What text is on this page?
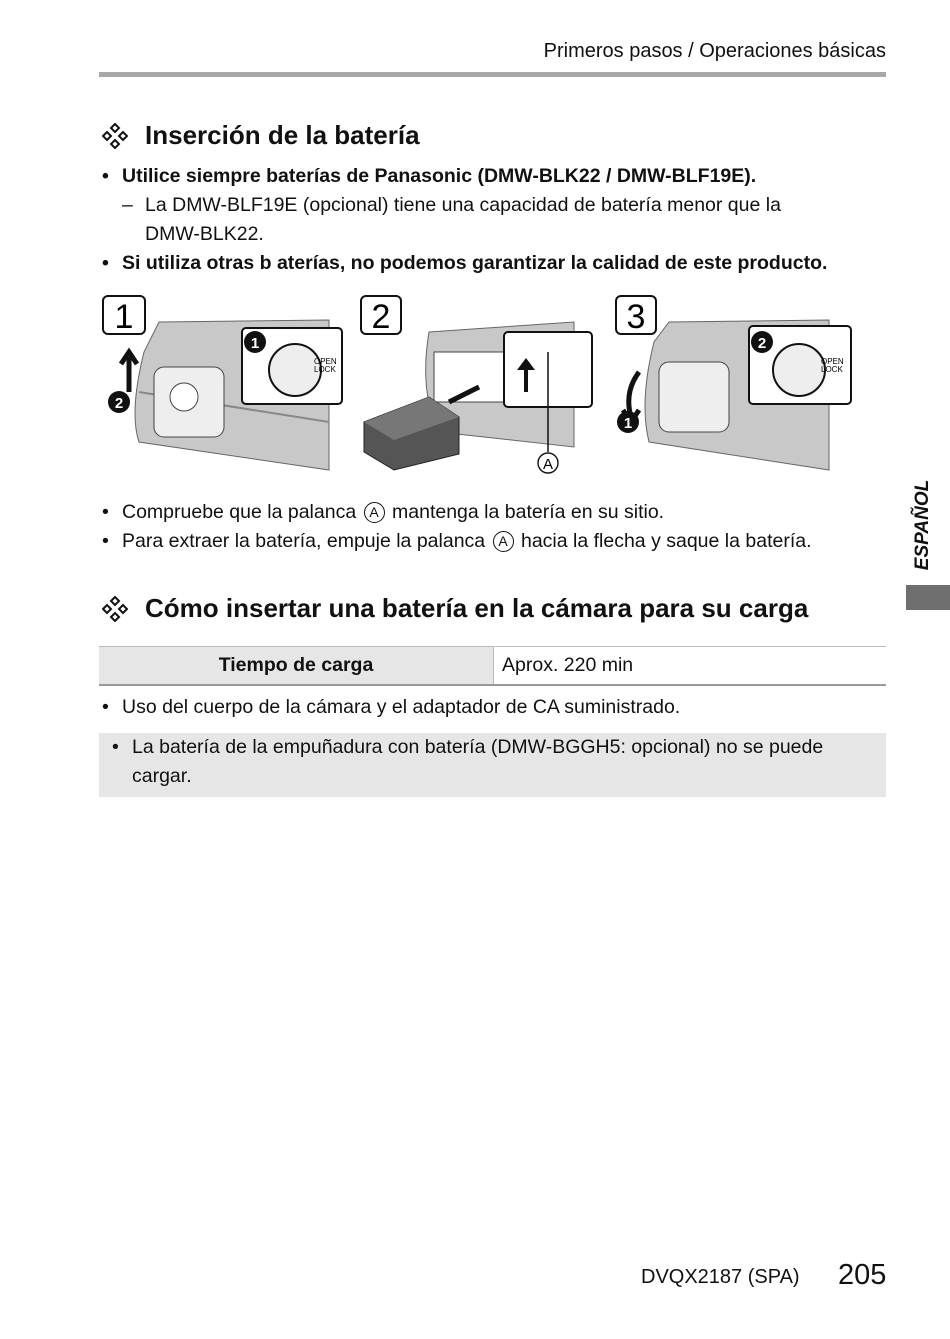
Primeros pasos / Operaciones básicas
Inserción de la batería
• Utilice siempre baterías de Panasonic (DMW-BLK22 / DMW-BLF19E).
– La DMW-BLF19E (opcional) tiene una capacidad de batería menor que la
DMW-BLK22.
• Si utiliza otras b aterías, no podemos garantizar la calidad de este producto.
1
LOCK
OPEN
1
2
2
A
3
LOCK
OPEN
2
1
• Compruebe que la palanca A mantenga la batería en su sitio.
• Para extraer la batería, empuje la palanca A hacia la flecha y saque la batería.	ESPAÑOL
Cómo insertar una batería en la cámara para su carga
Tiempo de carga	Aprox. 220 min
• Uso del cuerpo de la cámara y el adaptador de CA suministrado.
• La batería de la empuñadura con batería (DMW-BGGH5: opcional) no se puede
cargar.
DVQX2187 (SPA) 205
